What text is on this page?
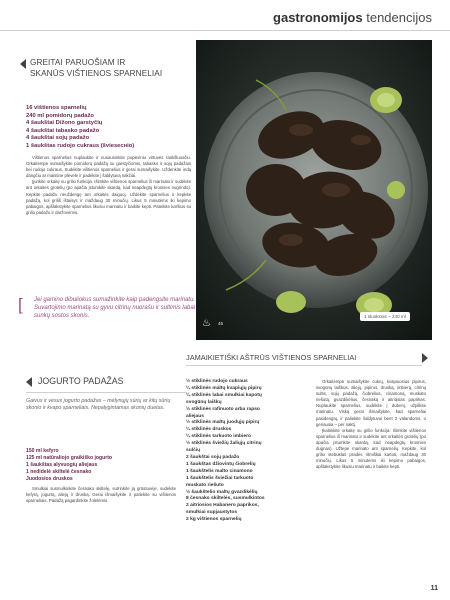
gastronomijos tendencijos
GREITAI PARUOŠIAM IR
SKANŪS VIŠTIENOS SPARNELIAI
16 vištienos sparnelių
240 ml pomidorų padažo
4 šaukštai Dižono garstyčių
4 šaukštai tabasko padažo
4 šaukštai sojų padažo
1 šaukštas rudojo cukraus (švieseснio)

Vištienos sparnelius nuplaukite ir nusausinkite popieriniu virtuvės rankšluosčiu. Orkaitėmpe sumaišykite pomidorų padažą su garstyčiomis, tabasko ir sojų padažais bei rudojo cukraus. Sudėkite vištienos sparnelius ir gerai sumaišykite. Uždenkite indą dangčiu ar maistine plėvele ir padėkite į šaldytuvą nakčiai.

Įjunkite orkaitę su grilio funkcija. Išimkite vištienos sparnelius iš marinato ir sudėkite ant orkaitės grotelių (po apačia įstumkite skardą, kad neapdegtų krosnies nugrindo). Kepkite padažu neuždengę ant orkaitės daiguoj. Uždėkite sparnelius ir kepkite padažą, kol griliš ištaisys ir maždaug 30 minučių. Likus 5 minutėms iki kepimo pabaigos, apšlakstykite sparnelius likusiu marinatu ir baikite kepti. Pateikite karštus su grilio padažu ir daržovėmis.

[	Jei gamino dibuliokus sumažinkite kaip padengsite marinatu. Suvartojimo marinatą su gyvu citrinų nuorašu ir sultimis labai sunkų sostos skonis.
♨ 45
1 sluoksnis ~ 240 ml
JAMAIKIETIŠKI AŠTRŪS VIŠTIENOS SPARNELIAI
JOGURTO PADAŽAS
Gaivus ir vėsus jogurto padažas – mėlynųjų sūrių ar kitų sūrių skonio ir kvapo sparneliais. Nepalygintamas skonių duetas.
150 ml kefyro
125 ml natūraliojo graikiško jogurto
1 šaukštas alyvuogių aliejaus
1 nedidelė skiltelė česnako
Juodosios druskos
Smulkiai susmulkinkite česnako skiltelę, sutrinkite ją grūstuvėje, sudėkite kefyrą, jogurtą, aliejų ir druską. Gerai išmaišykite ir patiekite su vištienos sparneliais. Padažą pagardinkite žolelėmis.
½ stiklinės rudojo cukraus
¼ stiklinės maltų kvapiųjų pipirų
¼ stiklinės labai smulkiai kapotų
svogūnų laiškų
½ stiklinės rafinuoto arba rapso
aliejaus
½ stiklinės maltų juodųjų pipirų
¼ stiklinės druskos
¼ stiklinės tarkuoto imbiero
½ stiklinės šviežių žaliųjų citrinų
sulčių
2 šaukštai sojų padažo
1 šaukštas džiovintų čiobrelių
1 šaukštelis malto cinamono
1 šaukštelis šviežiai tarkuoto
muskato riešuto
½ šaukštelio maltų gvazdikėlių
8 česnako skiltelės, susmulkintos
2 aitriosios Habanero paprikos,
smulkiai supjaustytos
2 kg vištienos sparnelių

Orkaitėmpe sumaišykite cukrų, kvapiuosius pipirus, svogūnų laiškus, aliejų, pipirus, druską, imbierą, citrinų sultis, sojų padažą, čiobrelius, cinamoną, muskato riešutą, gvazdikėlius, česnaką ir aitriąsias paprikas. Nuplaukite sparnelius, sudėkite į dubenį, užpilkite marinatu. Viską gerai išmaišykite, kad sparneliai pasidengtų, ir paliekite šaldytuvui bent 2 valandoms, o geriausia – per naktį.

Įkaitinkite orkaitę su grilio funkcija. Išimkite vištienos sparnelius iš marinato ir sudėkite ant orkaitės grotelių (po apačia įstumkite skardą, kad neapdegtų krosnies dugnas). Užtepe marinato ant sparnelių. Kepkite, kol grilio stebuklas pradės ritmiškai kartoti, maždaug 30 minučių. Likus 5 minutėms iki kepimo pabaigos, apšlakstykite likusiu marinatu ir baikite kepti.

11
